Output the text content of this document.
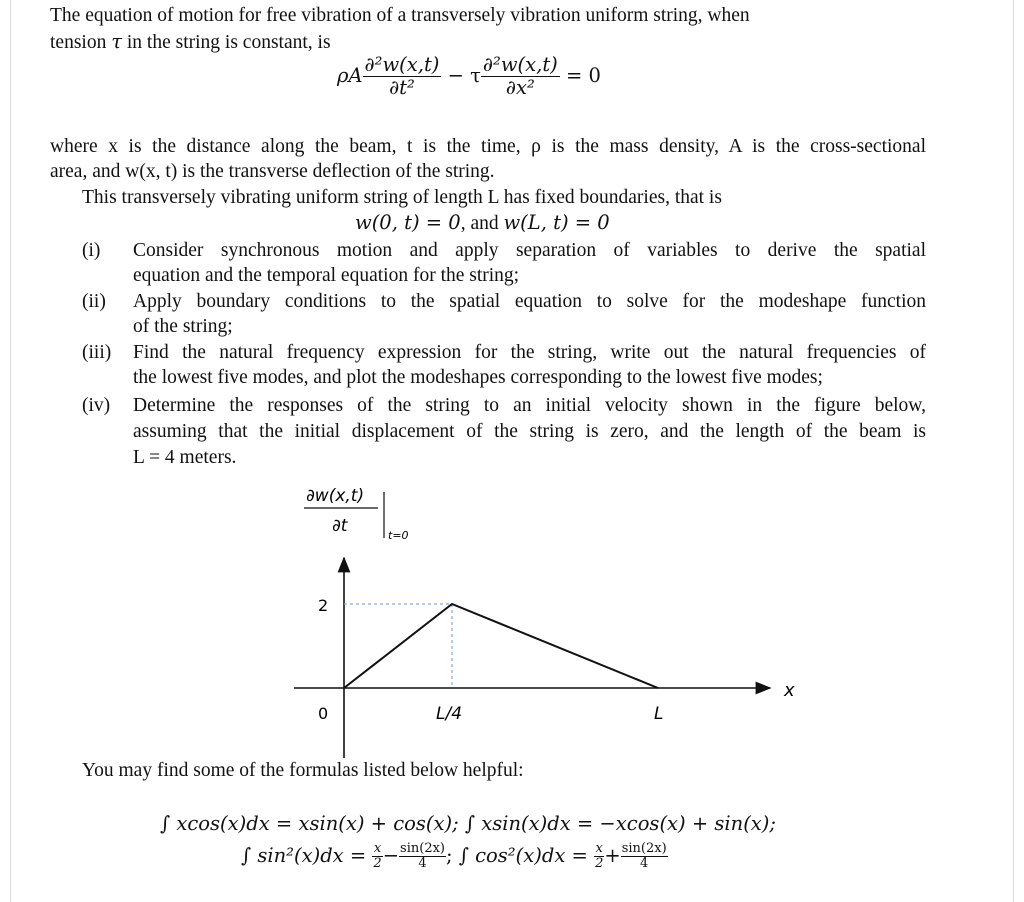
The equation of motion for free vibration of a transversely vibration uniform string, when
tension τ in the string is constant, is
ρA $\frac{\text{∂²w(x,t)}}{\text{∂t²}} - \tau \frac{\text{∂²w(x,t)}}{\text{∂x²}} = 0$
where x is the distance along the beam, t is the time, ρ is the mass density, A is the cross-sectional
area, and w(x, t) is the transverse deflection of the string.
This transversely vibrating uniform string of length L has fixed boundaries, that is
w(0, t) = 0, and w(L, t) = 0
(i) Consider synchronous motion and apply separation of variables to derive the spatial
equation and the temporal equation for the string;
(ii) Apply boundary conditions to the spatial equation to solve for the modeshape function
of the string;
(iii) Find the natural frequency expression for the string, write out the natural frequencies of
the lowest five modes, and plot the modeshapes corresponding to the lowest five modes;
(iv) Determine the responses of the string to an initial velocity shown in the figure below,
assuming that the initial displacement of the string is zero, and the length of the beam is
L = 4 meters.
∂w(x,t)
∂t	t=0
2
0	L/4	L
x
You may find some of the formulas listed below helpful:
∫ xcos(x)dx = xsin(x) + cos(x); ∫ xsin(x)dx = −xcos(x) + sin(x);
∫ $\sin^2(x)dx = \frac{x}{2} - \frac{\sin(2x)}{4}$ ; ∫ $\cos^2(x)dx = \frac{x}{2} + \frac{\sin(2x)}{4}$
